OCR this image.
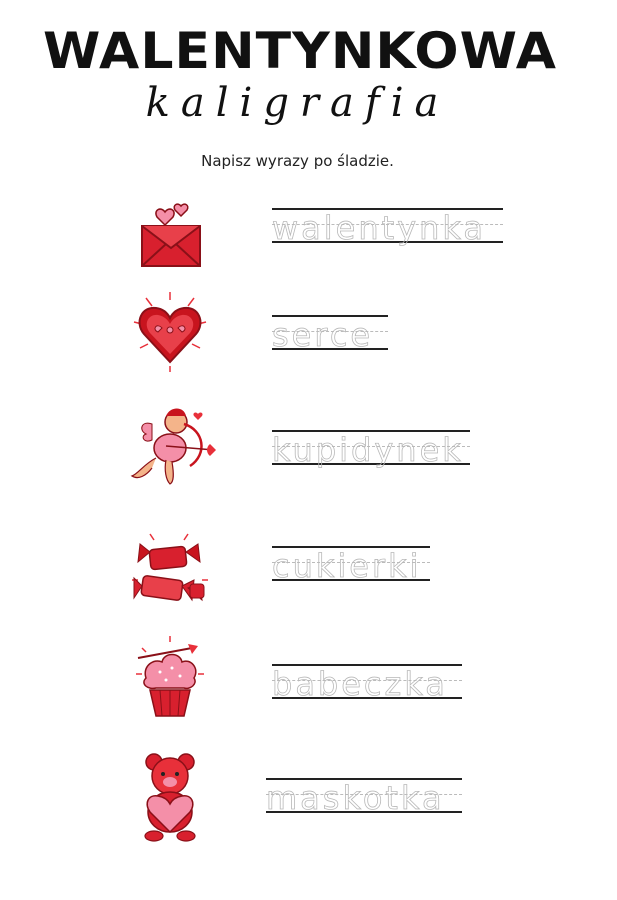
WALENTYNKOWA
kaligrafia
Napisz wyrazy po śladzie.
walentynka
serce
kupidynek
cukierki
babeczka
maskotka
